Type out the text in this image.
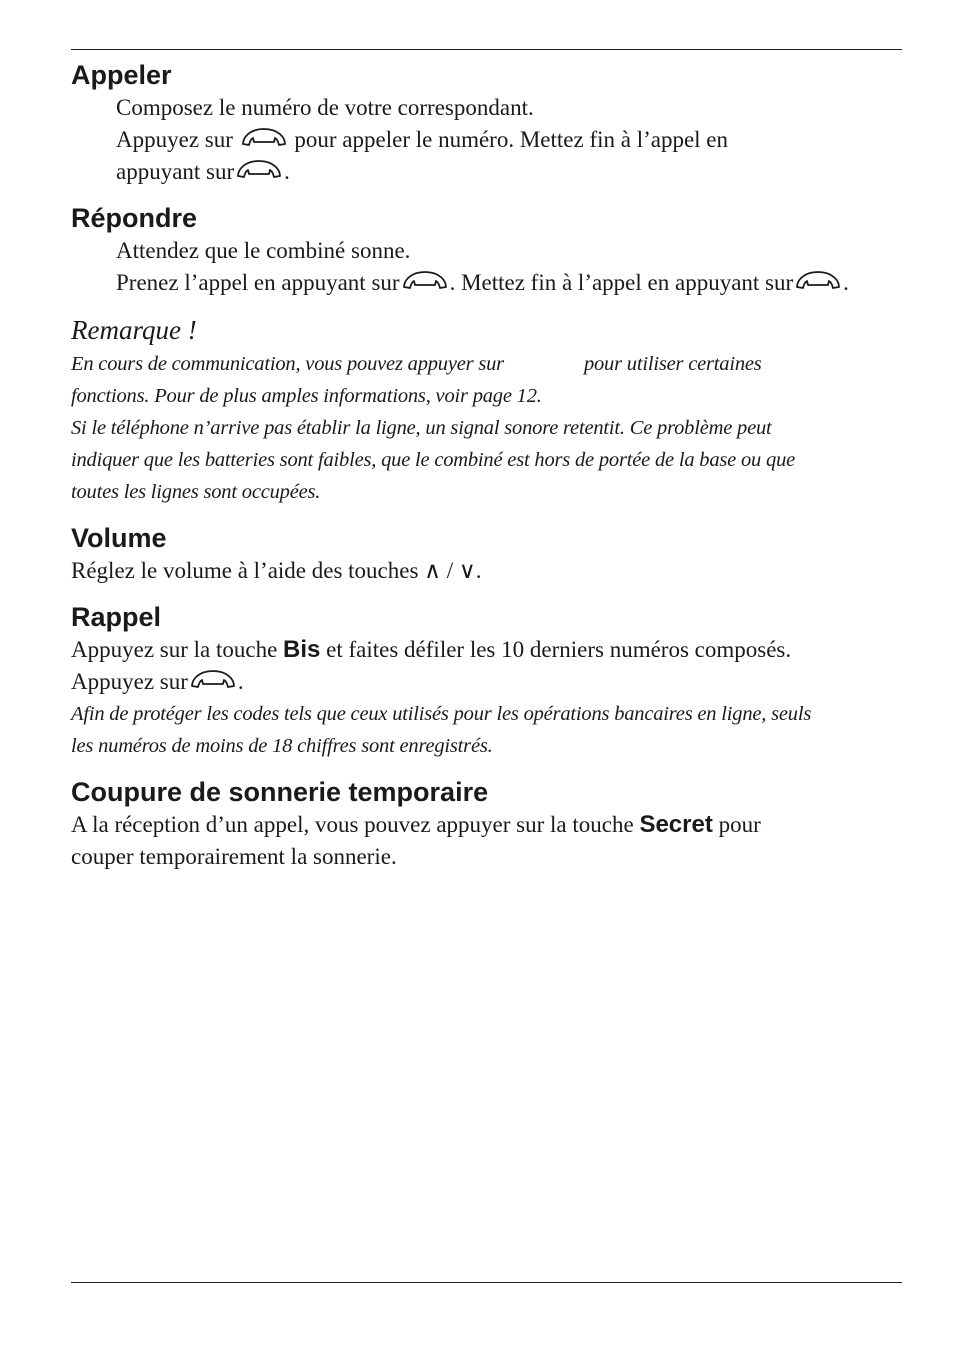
Appeler

Composez le numéro de votre correspondant.

Appuyez sur	pour appeler le numéro. Mettez fin à l’appel en

appuyant sur .

Répondre

Attendez que le combiné sonne.

Prenez l’appel en appuyant sur . Mettez fin à l’appel en appuyant sur .

Remarque !

En cours de communication, vous pouvez appuyer sur	pour utiliser certaines

fonctions. Pour de plus amples informations, voir page 12.

Si le téléphone n’arrive pas établir la ligne, un signal sonore retentit. Ce problème peut

indiquer que les batteries sont faibles, que le combiné est hors de portée de la base ou que

toutes les lignes sont occupées.

Volume

Réglez le volume à l’aide des touches ∧ / ∨.

Rappel

Appuyez sur la touche Bis et faites défiler les 10 derniers numéros composés.

Appuyez sur .

Afin de protéger les codes tels que ceux utilisés pour les opérations bancaires en ligne, seuls

les numéros de moins de 18 chiffres sont enregistrés.

Coupure de sonnerie temporaire

A la réception d’un appel, vous pouvez appuyer sur la touche Secret pour

couper temporairement la sonnerie.
